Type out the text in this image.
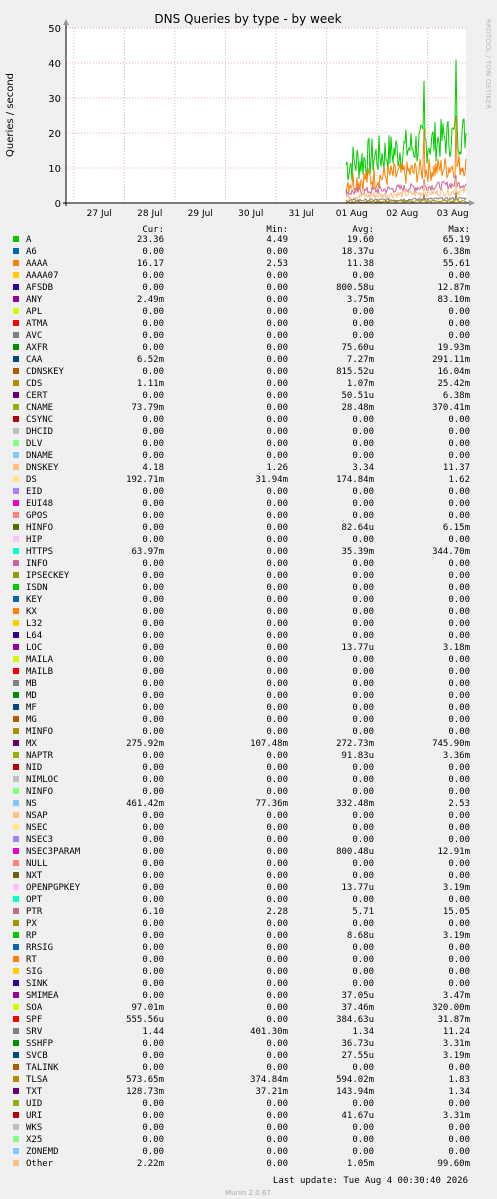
DNS Queries by type - by week
Queries / second
RRDTOOL / TOBI OETIKER
0
10
20
30
40
50
27 Jul	28 Jul	29 Jul	30 Jul	31 Jul 01 Aug 02 Aug 03 Aug
Cur:	Min:	Avg:	Max:
A	23.36	4.49	19.60	65.19
A6	0.00	0.00	18.37u	6.38m
AAAA	16.17	2.53	11.38	55.61
AAAA07	0.00	0.00	0.00	0.00
AFSDB	0.00	0.00	800.58u	12.87m
ANY	2.49m	0.00	3.75m	83.10m
APL	0.00	0.00	0.00	0.00
ATMA	0.00	0.00	0.00	0.00
AVC	0.00	0.00	0.00	0.00
AXFR	0.00	0.00	75.60u	19.93m
CAA	6.52m	0.00	7.27m	291.11m
CDNSKEY	0.00	0.00	815.52u	16.04m
CDS	1.11m	0.00	1.07m	25.42m
CERT	0.00	0.00	50.51u	6.38m
CNAME	73.79m	0.00	28.48m	370.41m
CSYNC	0.00	0.00	0.00	0.00
DHCID	0.00	0.00	0.00	0.00
DLV	0.00	0.00	0.00	0.00
DNAME	0.00	0.00	0.00	0.00
DNSKEY	4.18	1.26	3.34	11.37
DS	192.71m	31.94m	174.84m	1.62
EID	0.00	0.00	0.00	0.00
EUI48	0.00	0.00	0.00	0.00
GPOS	0.00	0.00	0.00	0.00
HINFO	0.00	0.00	82.64u	6.15m
HIP	0.00	0.00	0.00	0.00
HTTPS	63.97m	0.00	35.39m	344.70m
INFO	0.00	0.00	0.00	0.00
IPSECKEY	0.00	0.00	0.00	0.00
ISDN	0.00	0.00	0.00	0.00
KEY	0.00	0.00	0.00	0.00
KX	0.00	0.00	0.00	0.00
L32	0.00	0.00	0.00	0.00
L64	0.00	0.00	0.00	0.00
LOC	0.00	0.00	13.77u	3.18m
MAILA	0.00	0.00	0.00	0.00
MAILB	0.00	0.00	0.00	0.00
MB	0.00	0.00	0.00	0.00
MD	0.00	0.00	0.00	0.00
MF	0.00	0.00	0.00	0.00
MG	0.00	0.00	0.00	0.00
MINFO	0.00	0.00	0.00	0.00
MX	275.92m	107.48m	272.73m	745.90m
NAPTR	0.00	0.00	91.83u	3.36m
NID	0.00	0.00	0.00	0.00
NIMLOC	0.00	0.00	0.00	0.00
NINFO	0.00	0.00	0.00	0.00
NS	461.42m	77.36m	332.48m	2.53
NSAP	0.00	0.00	0.00	0.00
NSEC	0.00	0.00	0.00	0.00
NSEC3	0.00	0.00	0.00	0.00
NSEC3PARAM	0.00	0.00	800.48u	12.91m
NULL	0.00	0.00	0.00	0.00
NXT	0.00	0.00	0.00	0.00
OPENPGPKEY	0.00	0.00	13.77u	3.19m
OPT	0.00	0.00	0.00	0.00
PTR	6.10	2.28	5.71	15.05
PX	0.00	0.00	0.00	0.00
RP	0.00	0.00	8.68u	3.19m
RRSIG	0.00	0.00	0.00	0.00
RT	0.00	0.00	0.00	0.00
SIG	0.00	0.00	0.00	0.00
SINK	0.00	0.00	0.00	0.00
SMIMEA	0.00	0.00	37.05u	3.47m
SOA	97.01m	0.00	37.46m	320.00m
SPF	555.56u	0.00	384.63u	31.87m
SRV	1.44	401.30m	1.34	11.24
SSHFP	0.00	0.00	36.73u	3.31m
SVCB	0.00	0.00	27.55u	3.19m
TALINK	0.00	0.00	0.00	0.00
TLSA	573.65m	374.84m	594.02m	1.83
TXT	128.73m	37.21m	143.94m	1.34
UID	0.00	0.00	0.00	0.00
URI	0.00	0.00	41.67u	3.31m
WKS	0.00	0.00	0.00	0.00
X25	0.00	0.00	0.00	0.00
ZONEMD	0.00	0.00	0.00	0.00
Other	2.22m	0.00	1.05m	99.60m
Last update: Tue Aug 4 00:30:40 2026
Munin 2.0.67
